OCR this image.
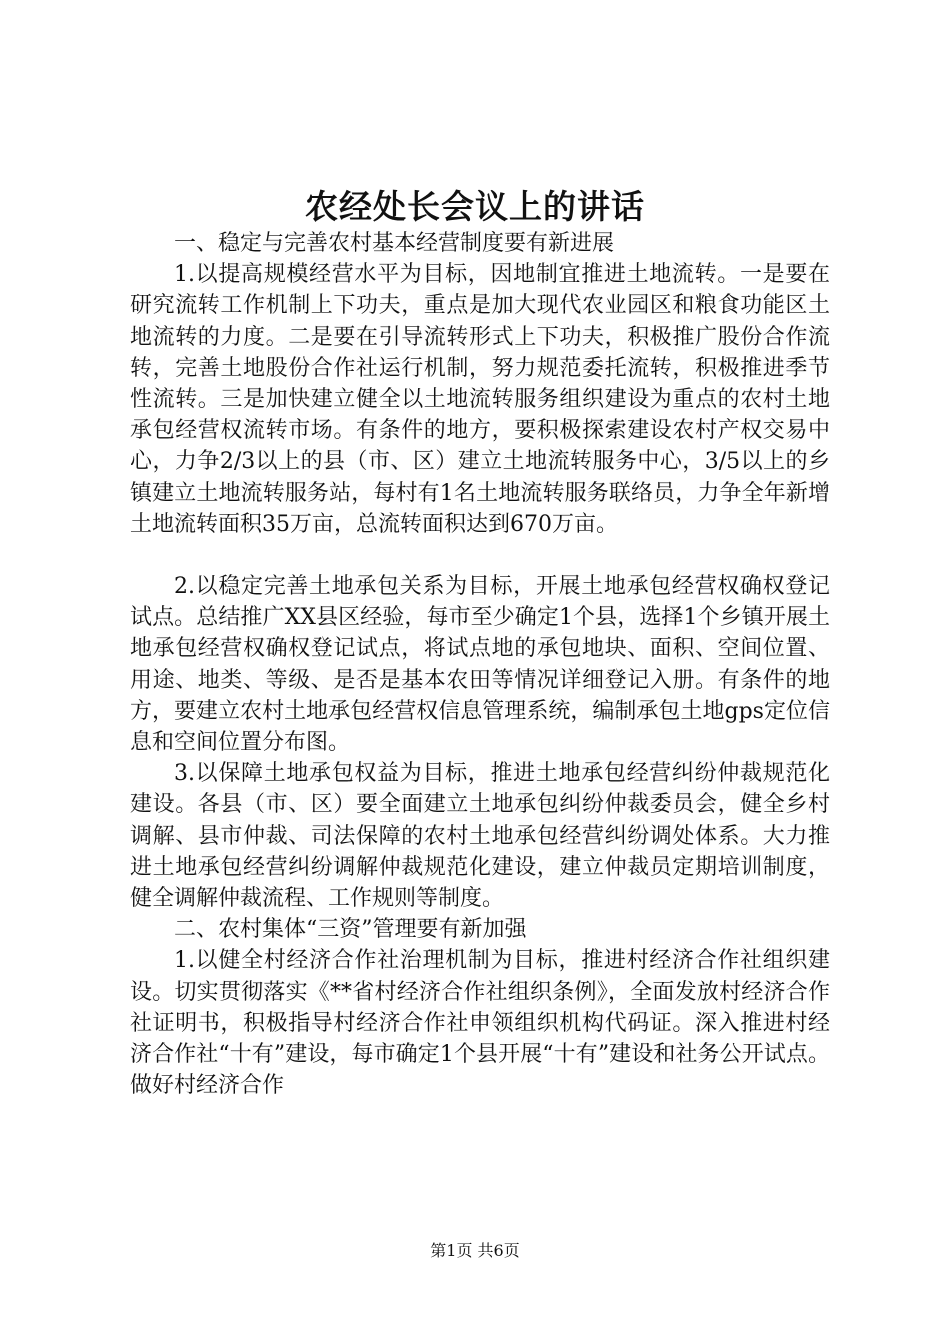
农经处长会议上的讲话

一、稳定与完善农村基本经营制度要有新进展

1.以提高规模经营水平为目标，因地制宜推进土地流转。一是要在研究流转工作机制上下功夫，重点是加大现代农业园区和粮食功能区土地流转的力度。二是要在引导流转形式上下功夫，积极推广股份合作流转，完善土地股份合作社运行机制，努力规范委托流转，积极推进季节性流转。三是加快建立健全以土地流转服务组织建设为重点的农村土地承包经营权流转市场。有条件的地方，要积极探索建设农村产权交易中心，力争2/3以上的县（市、区）建立土地流转服务中心，3/5以上的乡镇建立土地流转服务站，每村有1名土地流转服务联络员，力争全年新增土地流转面积35万亩，总流转面积达到670万亩。

2.以稳定完善土地承包关系为目标，开展土地承包经营权确权登记试点。总结推广XX县区经验，每市至少确定1个县，选择1个乡镇开展土地承包经营权确权登记试点，将试点地的承包地块、面积、空间位置、用途、地类、等级、是否是基本农田等情况详细登记入册。有条件的地方，要建立农村土地承包经营权信息管理系统，编制承包土地gps定位信息和空间位置分布图。

3.以保障土地承包权益为目标，推进土地承包经营纠纷仲裁规范化建设。各县（市、区）要全面建立土地承包纠纷仲裁委员会，健全乡村调解、县市仲裁、司法保障的农村土地承包经营纠纷调处体系。大力推进土地承包经营纠纷调解仲裁规范化建设，建立仲裁员定期培训制度，健全调解仲裁流程、工作规则等制度。

二、农村集体“三资”管理要有新加强

1.以健全村经济合作社治理机制为目标，推进村经济合作社组织建设。切实贯彻落实《**省村经济合作社组织条例》，全面发放村经济合作社证明书，积极指导村经济合作社申领组织机构代码证。深入推进村经济合作社“十有”建设，每市确定1个县开展“十有”建设和社务公开试点。做好村经济合作

第1页 共6页
